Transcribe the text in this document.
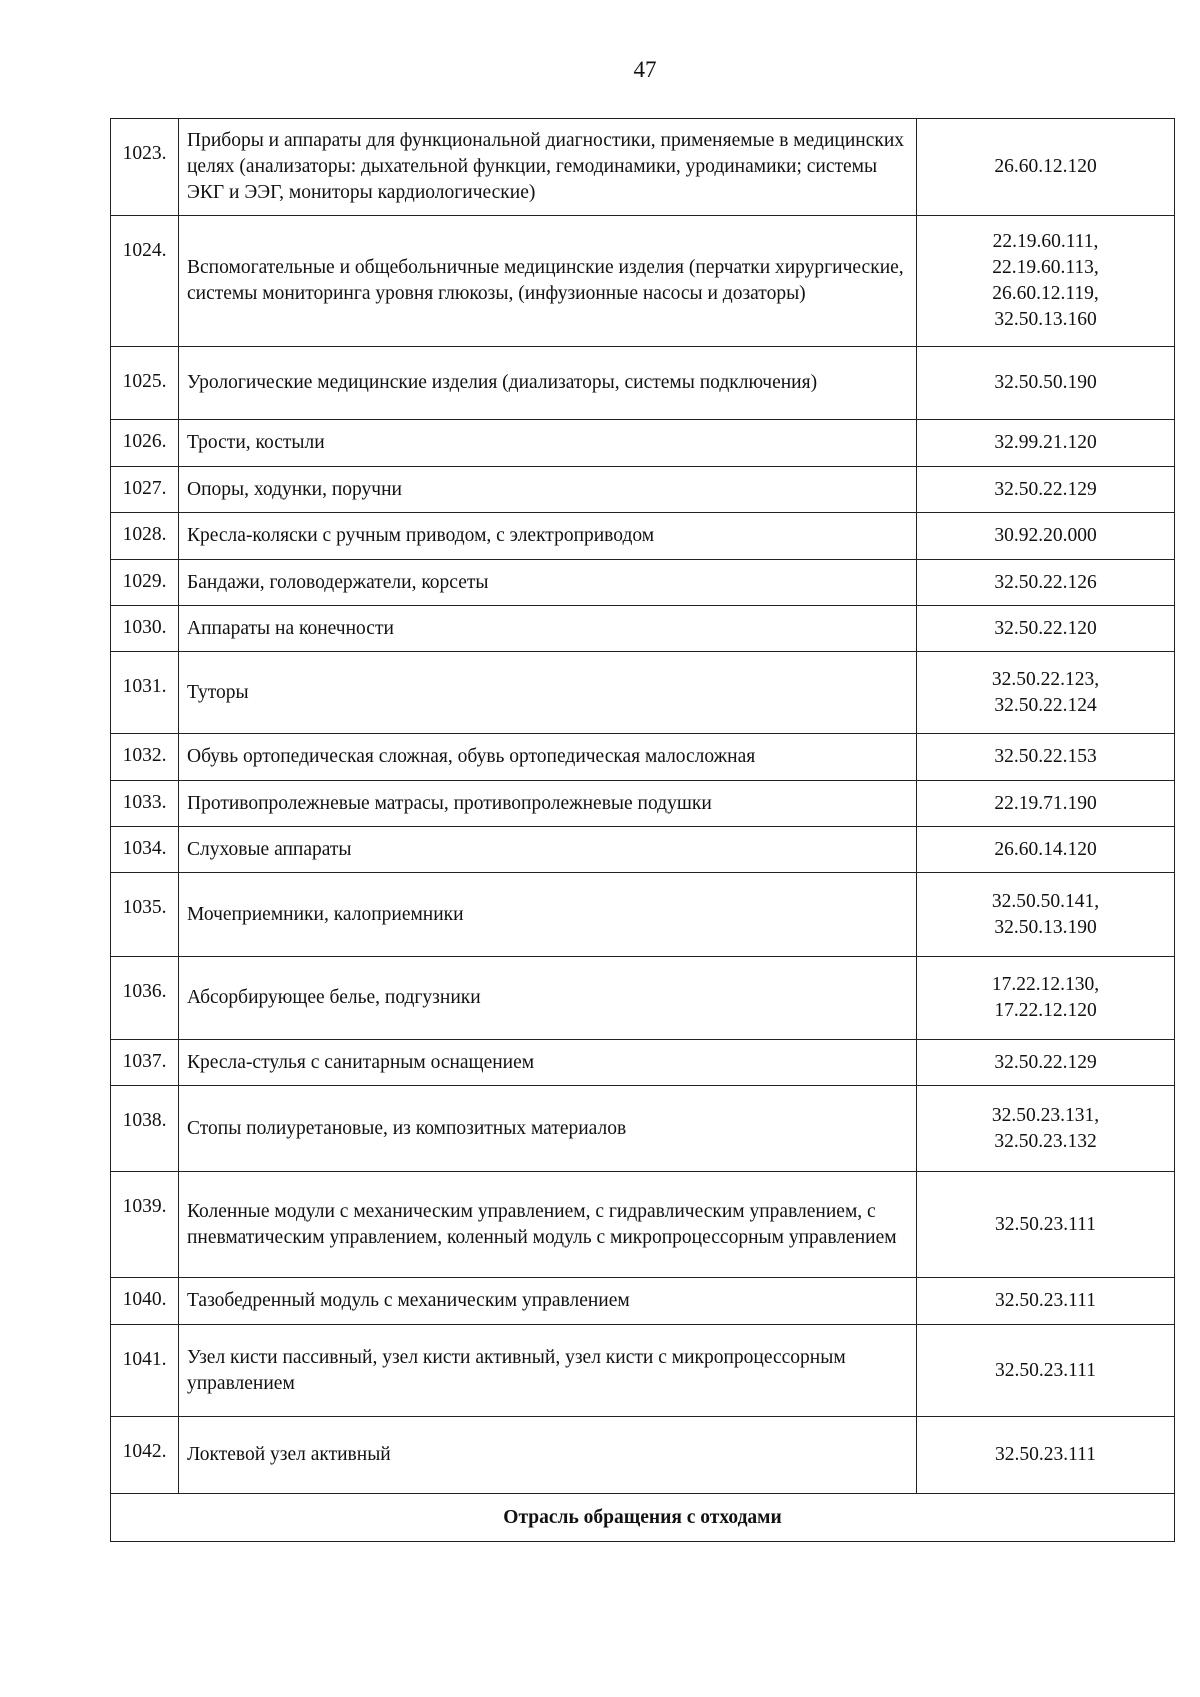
47
1023.	Приборы и аппараты для функциональной диагностики, применяемые в медицинских целях (анализаторы: дыхательной функции, гемодинамики, уродинамики; системы ЭКГ и ЭЭГ, мониторы кардиологические)	26.60.12.120

1024.	Вспомогательные и общебольничные медицинские изделия (перчатки хирургические, системы мониторинга уровня глюкозы, (инфузионные насосы и дозаторы)	22.19.60.111,
22.19.60.113,
26.60.12.119,
32.50.13.160

1025.	Урологические медицинские изделия (диализаторы, системы подключения)	32.50.50.190

1026.	Трости, костыли	32.99.21.120

1027.	Опоры, ходунки, поручни	32.50.22.129

1028.	Кресла-коляски с ручным приводом, с электроприводом	30.92.20.000

1029.	Бандажи, головодержатели, корсеты	32.50.22.126

1030.	Аппараты на конечности	32.50.22.120

1031.	Туторы	32.50.22.123,
32.50.22.124

1032.	Обувь ортопедическая сложная, обувь ортопедическая малосложная	32.50.22.153

1033.	Противопролежневые матрасы, противопролежневые подушки	22.19.71.190

1034.	Слуховые аппараты	26.60.14.120

1035.	Мочеприемники, калоприемники	32.50.50.141,
32.50.13.190

1036.	Абсорбирующее белье, подгузники	17.22.12.130,
17.22.12.120

1037.	Кресла-стулья с санитарным оснащением	32.50.22.129

1038.	Стопы полиуретановые, из композитных материалов	32.50.23.131,
32.50.23.132

1039.	Коленные модули с механическим управлением, с гидравлическим управлением, с пневматическим управлением, коленный модуль с микропроцессорным управлением	32.50.23.111

1040.	Тазобедренный модуль с механическим управлением	32.50.23.111

1041.	Узел кисти пассивный, узел кисти активный, узел кисти с микропроцессорным управлением	32.50.23.111

1042.	Локтевой узел активный	32.50.23.111

Отрасль обращения с отходами		
